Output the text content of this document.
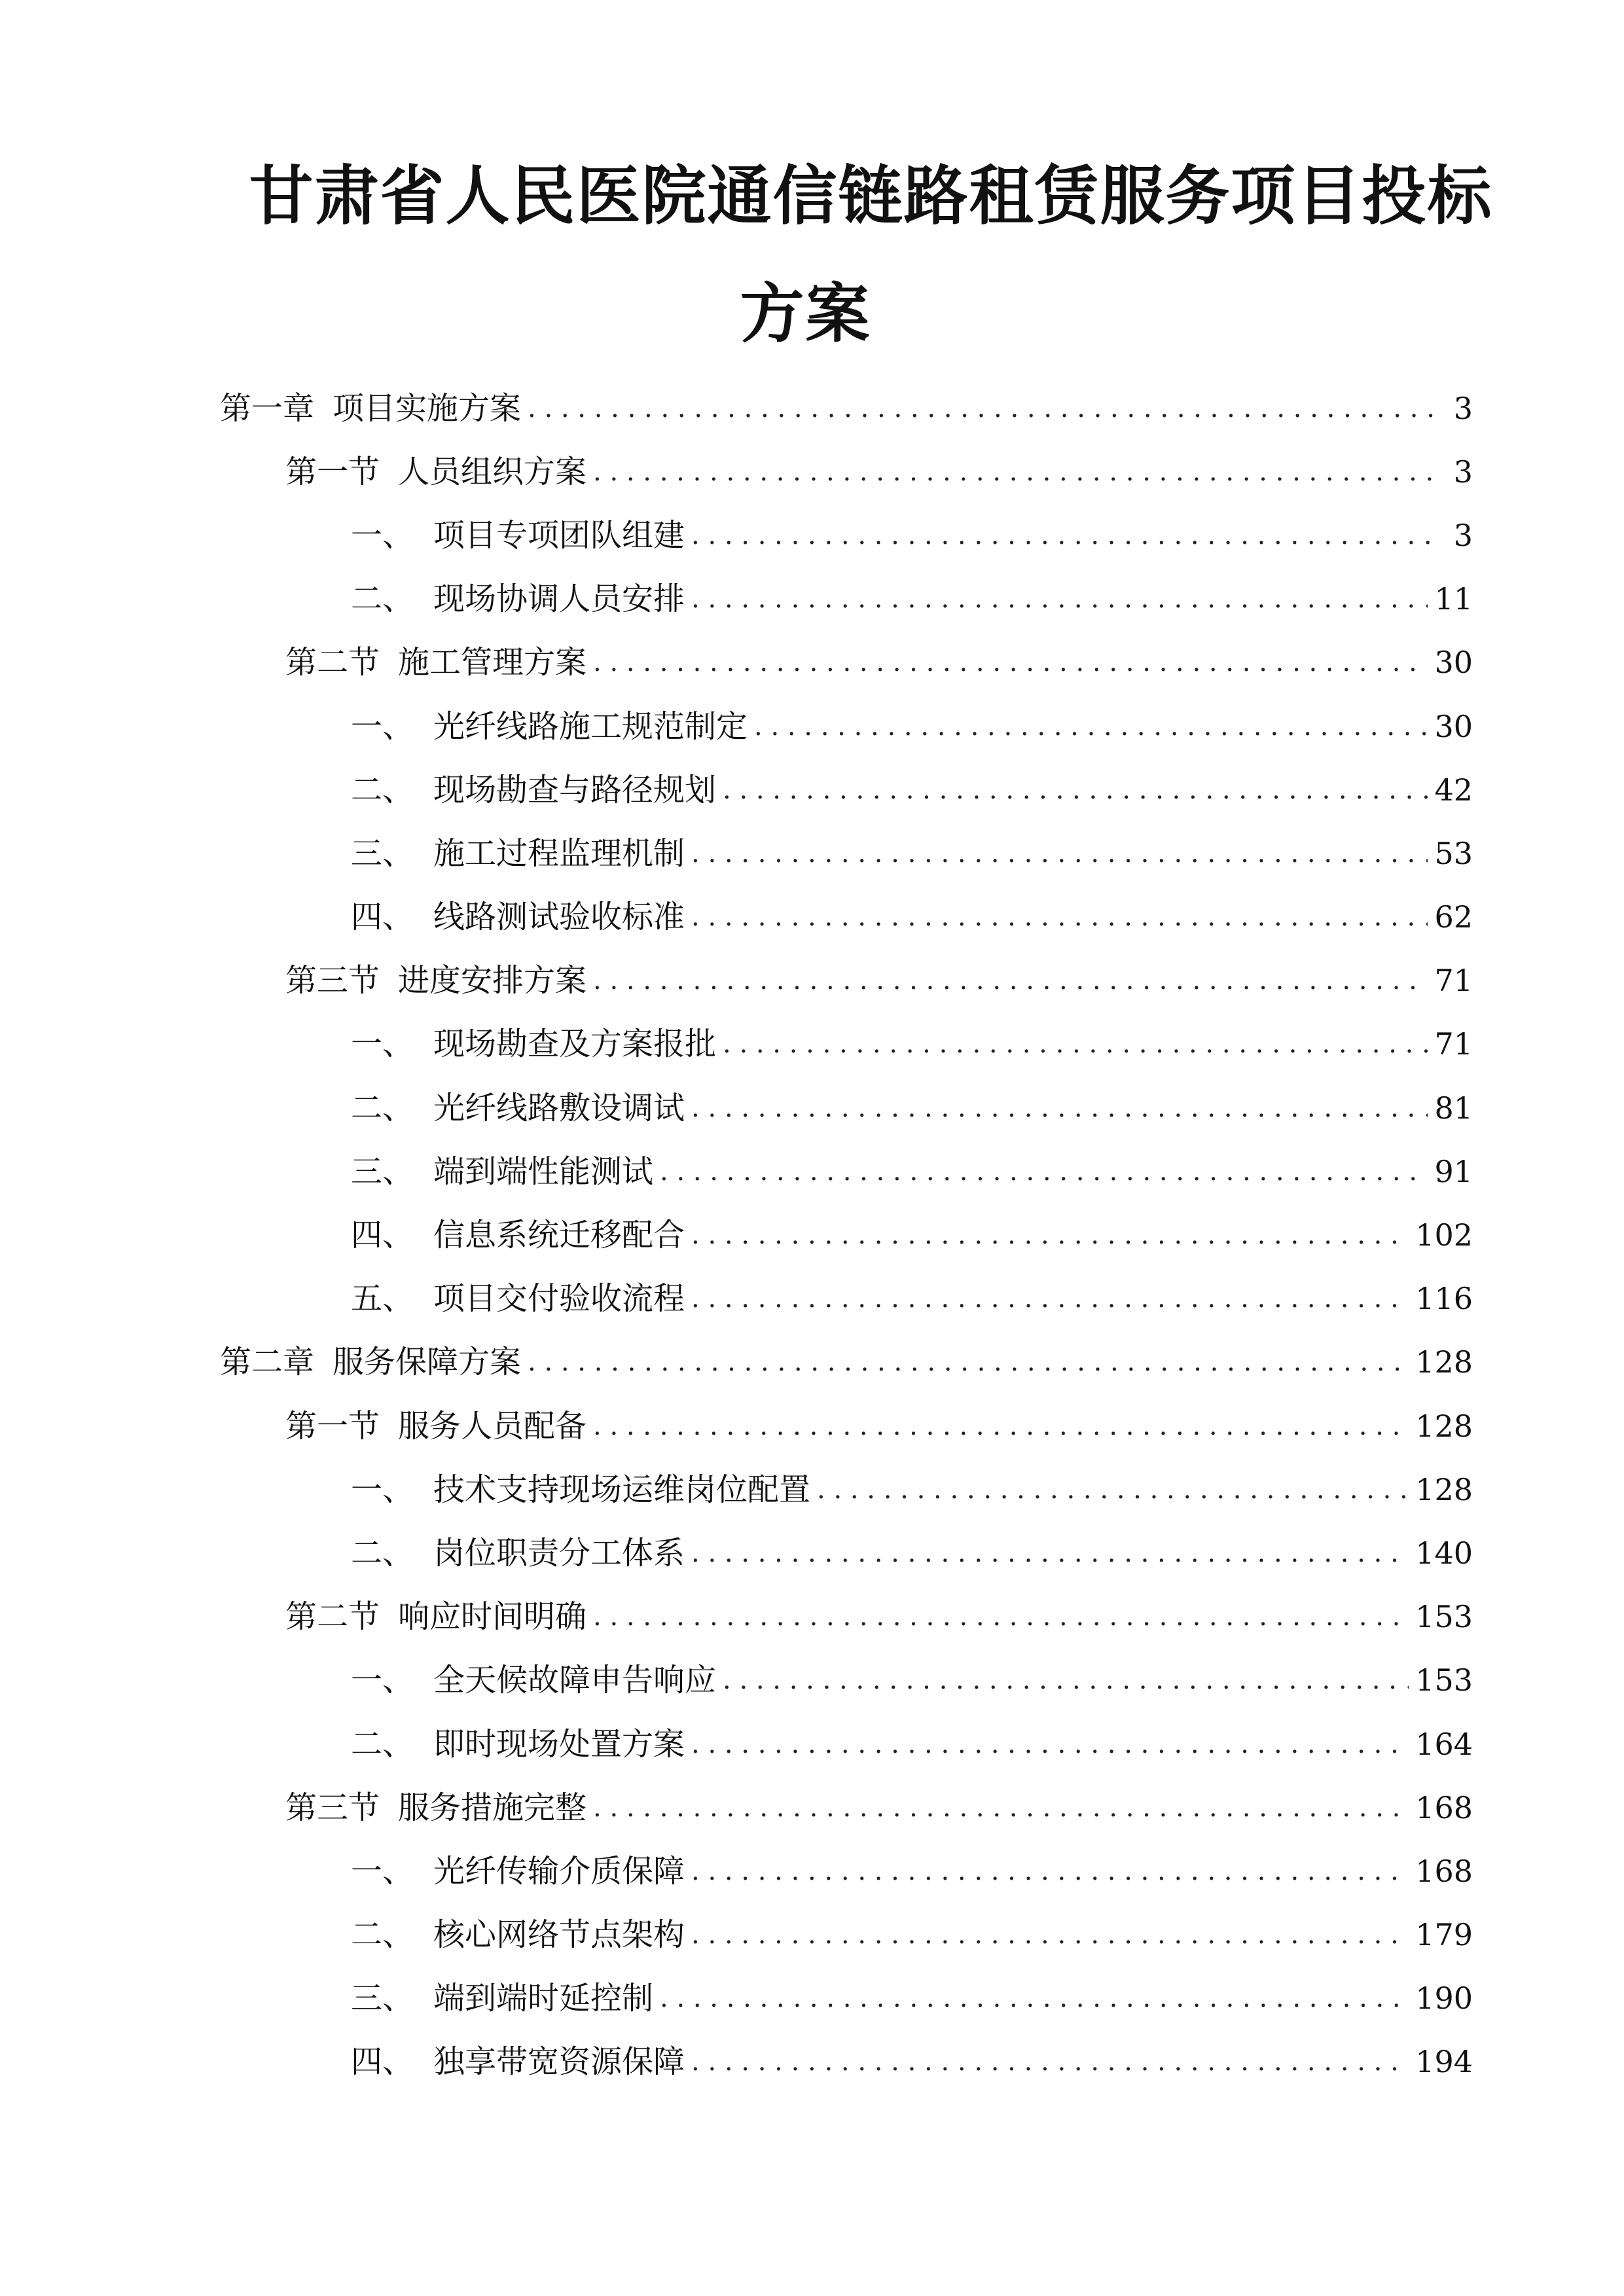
甘肃省人民医院通信链路租赁服务项目投标
方案
第一章 项目实施方案 . . .	3
第一节 人员组织方案 . . .	3
一、 项目专项团队组建 . . .	3
二、 现场协调人员安排 . . .	11
第二节 施工管理方案 . . .	30
一、 光纤线路施工规范制定 . . .	30
二、 现场勘查与路径规划 . . .	42
三、 施工过程监理机制 . . .	53
四、 线路测试验收标准 . . .	62
第三节 进度安排方案 . . .	71
一、 现场勘查及方案报批 . . .	71
二、 光纤线路敷设调试 . . .	81
三、 端到端性能测试 . . .	91
四、 信息系统迁移配合 . . .	102
五、 项目交付验收流程 . . .	116
第二章 服务保障方案 . . .	128
第一节 服务人员配备 . . .	128
一、 技术支持现场运维岗位配置 . . .	128
二、 岗位职责分工体系 . . .	140
第二节 响应时间明确 . . .	153
一、 全天候故障申告响应 . . .	153
二、 即时现场处置方案 . . .	164
第三节 服务措施完整 . . .	168
一、 光纤传输介质保障 . . .	168
二、 核心网络节点架构 . . .	179
三、 端到端时延控制 . . .	190
四、 独享带宽资源保障 . . .	194
